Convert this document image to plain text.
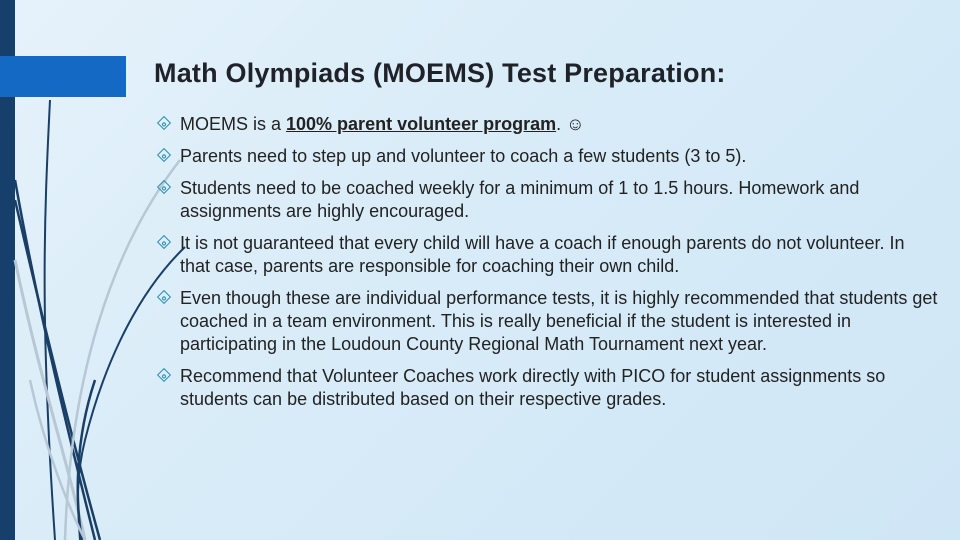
Math Olympiads (MOEMS) Test Preparation:
MOEMS is a 100% parent volunteer program. ☺
Parents need to step up and volunteer to coach a few students (3 to 5).
Students need to be coached weekly for a minimum of 1 to 1.5 hours. Homework and assignments are highly encouraged.
It is not guaranteed that every child will have a coach if enough parents do not volunteer. In that case, parents are responsible for coaching their own child.
Even though these are individual performance tests, it is highly recommended that students get coached in a team environment. This is really beneficial if the student is interested in participating in the Loudoun County Regional Math Tournament next year.
Recommend that Volunteer Coaches work directly with PICO for student assignments so students can be distributed based on their respective grades.
